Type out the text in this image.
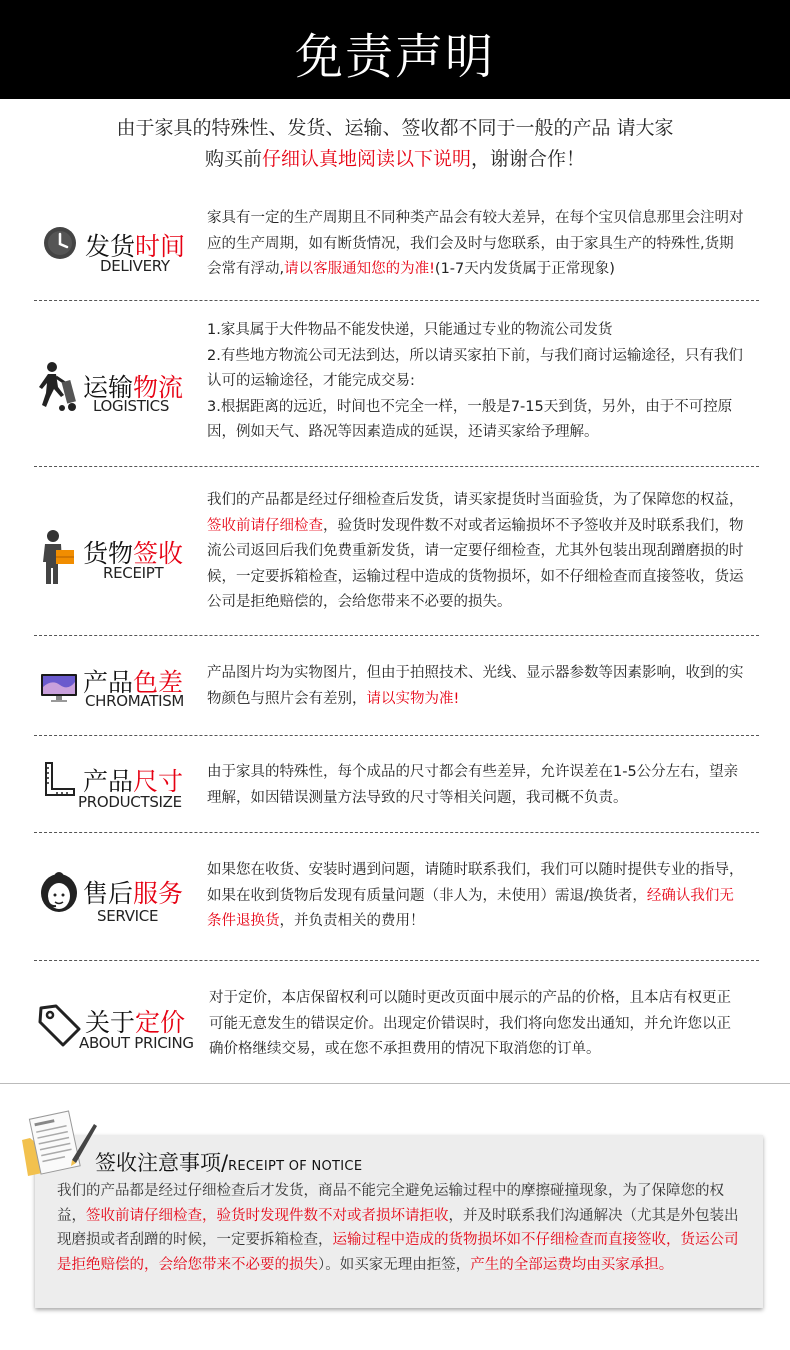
免责声明
由于家具的特殊性、发货、运输、签收都不同于一般的产品 请大家
购买前仔细认真地阅读以下说明，谢谢合作！
发货时间
DELIVERY
家具有一定的生产周期且不同种类产品会有较大差异，在每个宝贝信息那里会注明对应的生产周期，如有断货情况，我们会及时与您联系，由于家具生产的特殊性,货期会常有浮动,请以客服通知您的为准!(1-7天内发货属于正常现象)
运输物流
LOGISTICS
1.家具属于大件物品不能发快递，只能通过专业的物流公司发货
2.有些地方物流公司无法到达，所以请买家拍下前，与我们商讨运输途径，只有我们认可的运输途径，才能完成交易:
3.根据距离的远近，时间也不完全一样，一般是7-15天到货，另外，由于不可控原因，例如天气、路况等因素造成的延误，还请买家给予理解。
货物签收
RECEIPT
我们的产品都是经过仔细检查后发货，请买家提货时当面验货，为了保障您的权益，签收前请仔细检查，验货时发现件数不对或者运输损坏不予签收并及时联系我们，物流公司返回后我们免费重新发货，请一定要仔细检查，尤其外包装出现刮蹭磨损的时候，一定要拆箱检查，运输过程中造成的货物损坏，如不仔细检查而直接签收，货运公司是拒绝赔偿的，会给您带来不必要的损失。
产品色差
CHROMATISM
产品图片均为实物图片，但由于拍照技术、光线、显示器参数等因素影响，收到的实物颜色与照片会有差别，请以实物为准!
产品尺寸
PRODUCTSIZE
由于家具的特殊性，每个成品的尺寸都会有些差异，允许误差在1-5公分左右，望亲理解，如因错误测量方法导致的尺寸等相关问题，我司概不负责。
售后服务
SERVICE
如果您在收货、安装时遇到问题，请随时联系我们，我们可以随时提供专业的指导，如果在收到货物后发现有质量问题（非人为，未使用）需退/换货者，经确认我们无条件退换货，并负责相关的费用！
关于定价
ABOUT PRICING
对于定价，本店保留权利可以随时更改页面中展示的产品的价格，且本店有权更正可能无意发生的错误定价。出现定价错误时，我们将向您发出通知，并允许您以正确价格继续交易，或在您不承担费用的情况下取消您的订单。
签收注意事项/RECEIPT OF NOTICE
我们的产品都是经过仔细检查后才发货，商品不能完全避免运输过程中的摩擦碰撞现象，为了保障您的权益，签收前请仔细检查，验货时发现件数不对或者损坏请拒收，并及时联系我们沟通解决（尤其是外包装出现磨损或者刮蹭的时候，一定要拆箱检查，运输过程中造成的货物损坏如不仔细检查而直接签收，货运公司是拒绝赔偿的，会给您带来不必要的损失）。如买家无理由拒签，产生的全部运费均由买家承担。
